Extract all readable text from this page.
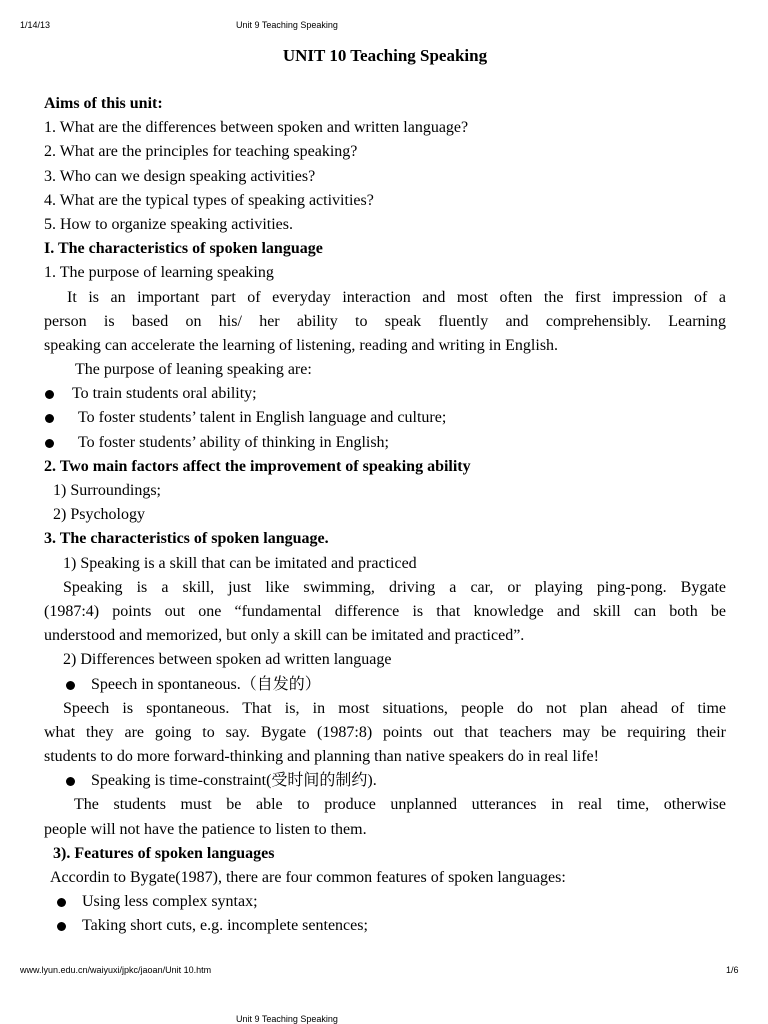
1/14/13	Unit 9 Teaching Speaking
UNIT 10 Teaching Speaking
Aims of this unit:
1. What are the differences between spoken and written language?
2. What are the principles for teaching speaking?
3. Who can we design speaking activities?
4. What are the typical types of speaking activities?
5. How to organize speaking activities.
I. The characteristics of spoken language
1. The purpose of learning speaking
It is an important part of everyday interaction and most often the first impression of a
person is based on his/ her ability to speak fluently and comprehensibly. Learning
speaking can accelerate the learning of listening, reading and writing in English.
The purpose of leaning speaking are:
To train students oral ability;
To foster students’ talent in English language and culture;
To foster students’ ability of thinking in English;
2. Two main factors affect the improvement of speaking ability
1) Surroundings;
2) Psychology
3. The characteristics of spoken language.
1) Speaking is a skill that can be imitated and practiced
Speaking is a skill, just like swimming, driving a car, or playing ping-pong. Bygate
(1987:4) points out one “fundamental difference is that knowledge and skill can both be
understood and memorized, but only a skill can be imitated and practiced”.
2) Differences between spoken ad written language
Speech in spontaneous.（自发的）
Speech is spontaneous. That is, in most situations, people do not plan ahead of time
what they are going to say. Bygate (1987:8) points out that teachers may be requiring their
students to do more forward-thinking and planning than native speakers do in real life!
Speaking is time-constraint(受时间的制约).
The students must be able to produce unplanned utterances in real time, otherwise
people will not have the patience to listen to them.
3). Features of spoken languages
Accordin to Bygate(1987), there are four common features of spoken languages:
Using less complex syntax;
Taking short cuts, e.g. incomplete sentences;
www.lyun.edu.cn/waiyuxi/jpkc/jaoan/Unit 10.htm	1/6
Unit 9 Teaching Speaking
